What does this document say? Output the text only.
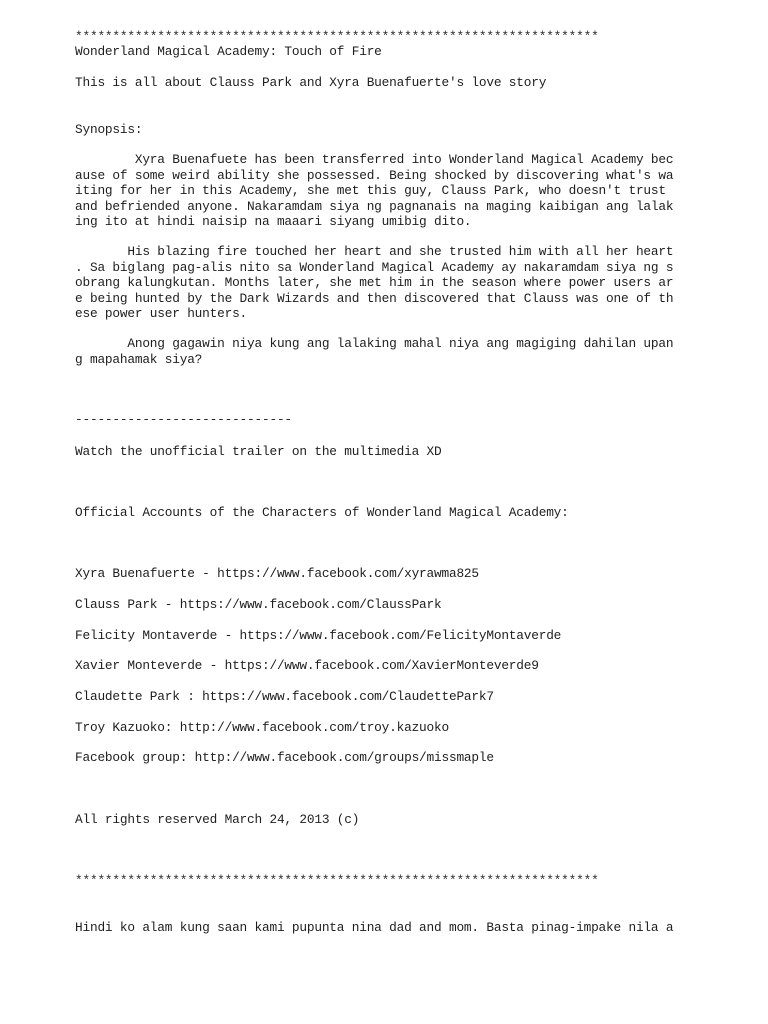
**********************************************************************
Wonderland Magical Academy: Touch of Fire
This is all about Clauss Park and Xyra Buenafuerte's love story
Synopsis:
Xyra Buenafuete has been transferred into Wonderland Magical Academy bec
ause of some weird ability she possessed. Being shocked by discovering what's wa
iting for her in this Academy, she met this guy, Clauss Park, who doesn't trust
and befriended anyone. Nakaramdam siya ng pagnanais na maging kaibigan ang lalak
ing ito at hindi naisip na maaari siyang umibig dito.
His blazing fire touched her heart and she trusted him with all her heart
. Sa biglang pag-alis nito sa Wonderland Magical Academy ay nakaramdam siya ng s
obrang kalungkutan. Months later, she met him in the season where power users ar
e being hunted by the Dark Wizards and then discovered that Clauss was one of th
ese power user hunters.
Anong gagawin niya kung ang lalaking mahal niya ang magiging dahilan upan
g mapahamak siya?
-----------------------------
Watch the unofficial trailer on the multimedia XD
Official Accounts of the Characters of Wonderland Magical Academy:
Xyra Buenafuerte - https://www.facebook.com/xyrawma825
Clauss Park - https://www.facebook.com/ClaussPark
Felicity Montaverde - https://www.facebook.com/FelicityMontaverde
Xavier Monteverde - https://www.facebook.com/XavierMonteverde9
Claudette Park : https://www.facebook.com/ClaudettePark7
Troy Kazuoko: http://www.facebook.com/troy.kazuoko
Facebook group: http://www.facebook.com/groups/missmaple
All rights reserved March 24, 2013 (c)
**********************************************************************
Hindi ko alam kung saan kami pupunta nina dad and mom. Basta pinag-impake nila a
